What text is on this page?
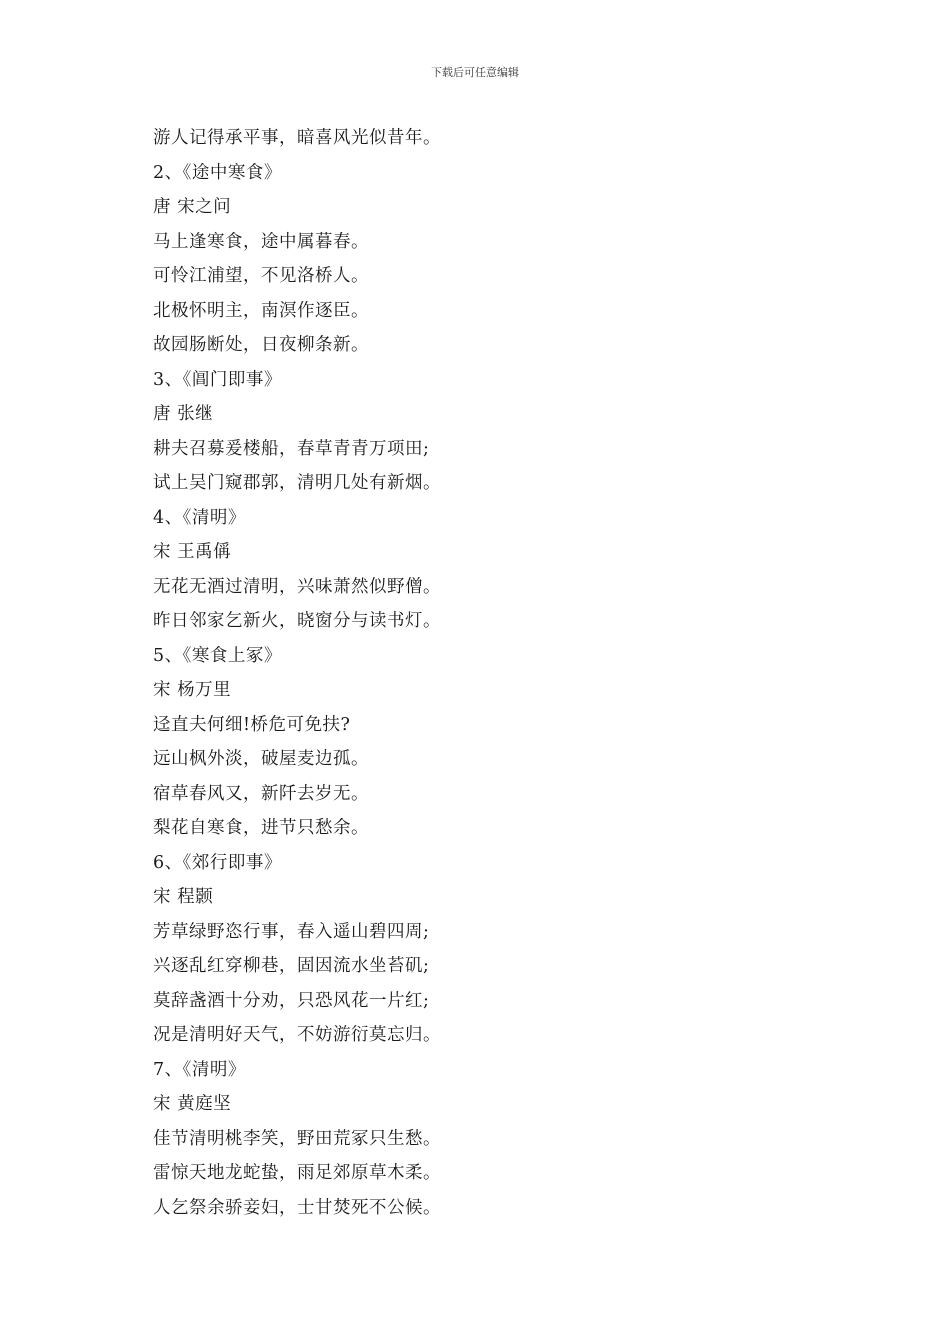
下载后可任意编辑
游人记得承平事，暗喜风光似昔年。
2、《途中寒食》
唐 宋之问
马上逢寒食，途中属暮春。
可怜江浦望，不见洛桥人。
北极怀明主，南溟作逐臣。
故园肠断处，日夜柳条新。
3、《阊门即事》
唐 张继
耕夫召募爰楼船，春草青青万项田;
试上吴门窥郡郭，清明几处有新烟。
4、《清明》
宋 王禹偁
无花无酒过清明，兴味萧然似野僧。
昨日邻家乞新火，晓窗分与读书灯。
5、《寒食上冢》
宋 杨万里
迳直夫何细!桥危可免扶?
远山枫外淡，破屋麦边孤。
宿草春风又，新阡去岁无。
梨花自寒食，进节只愁余。
6、《郊行即事》
宋 程颢
芳草绿野恣行事，春入遥山碧四周;
兴逐乱红穿柳巷，固因流水坐苔矶;
莫辞盏酒十分劝，只恐风花一片红;
况是清明好天气，不妨游衍莫忘归。
7、《清明》
宋 黄庭坚
佳节清明桃李笑，野田荒冢只生愁。
雷惊天地龙蛇蛰，雨足郊原草木柔。
人乞祭余骄妾妇，士甘焚死不公候。
